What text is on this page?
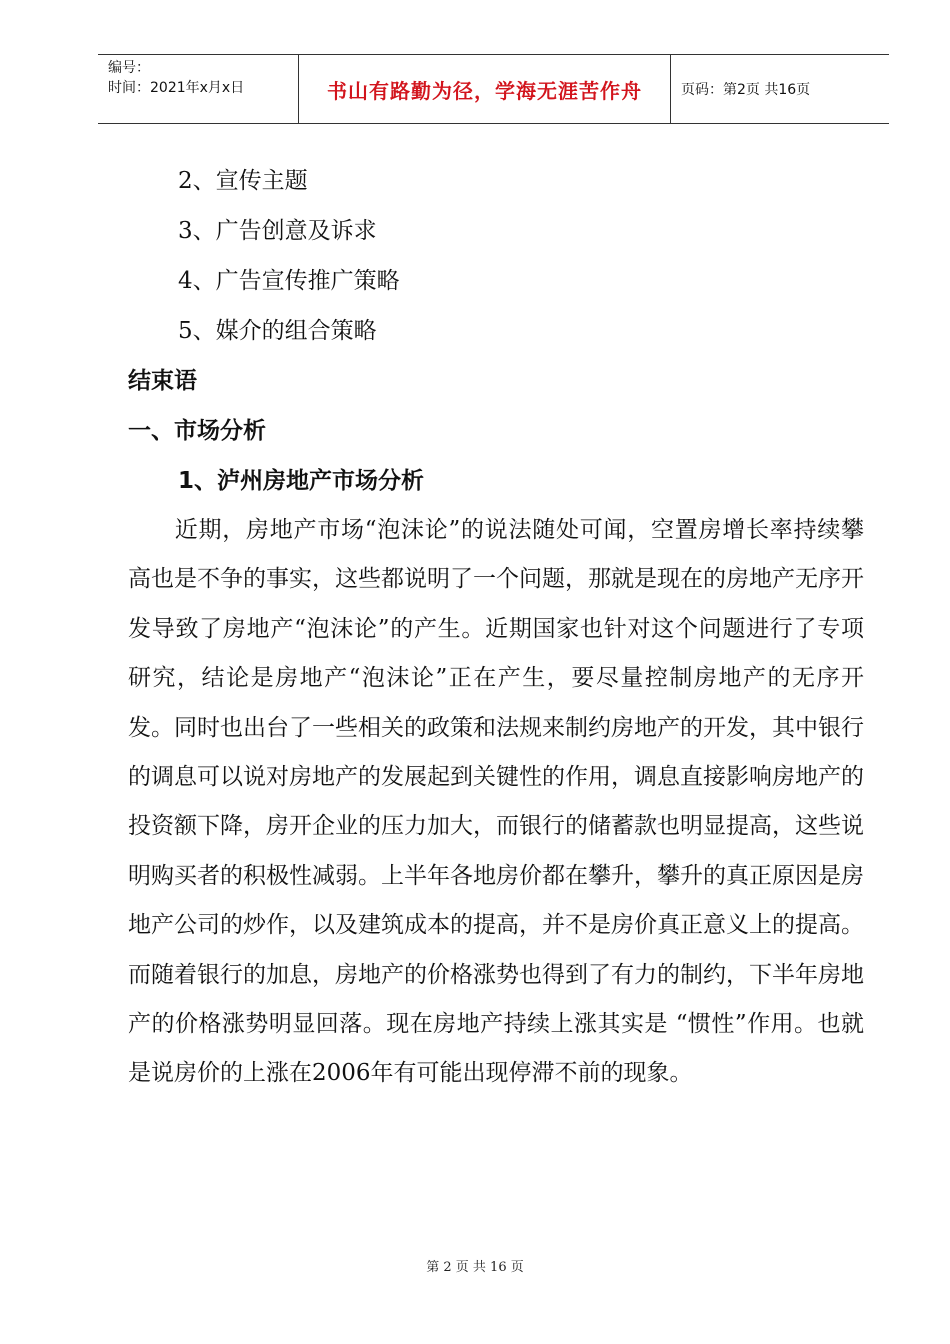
编号：
时间：2021年x月x日	书山有路勤为径，学海无涯苦作舟	页码：第2页 共16页
2、宣传主题
3、广告创意及诉求
4、广告宣传推广策略
5、媒介的组合策略
结束语
一、市场分析
1、泸州房地产市场分析

近期，房地产市场“泡沫论”的说法随处可闻，空置房增长率持续攀高也是不争的事实，这些都说明了一个问题，那就是现在的房地产无序开发导致了房地产“泡沫论”的产生。近期国家也针对这个问题进行了专项研究，结论是房地产“泡沫论”正在产生，要尽量控制房地产的无序开发。同时也出台了一些相关的政策和法规来制约房地产的开发，其中银行的调息可以说对房地产的发展起到关键性的作用，调息直接影响房地产的投资额下降，房开企业的压力加大，而银行的储蓄款也明显提高，这些说明购买者的积极性减弱。上半年各地房价都在攀升，攀升的真正原因是房地产公司的炒作，以及建筑成本的提高，并不是房价真正意义上的提高。而随着银行的加息，房地产的价格涨势也得到了有力的制约，下半年房地产的价格涨势明显回落。现在房地产持续上涨其实是 “惯性”作用。也就是说房价的上涨在2006年有可能出现停滞不前的现象。

第 2 页 共 16 页
